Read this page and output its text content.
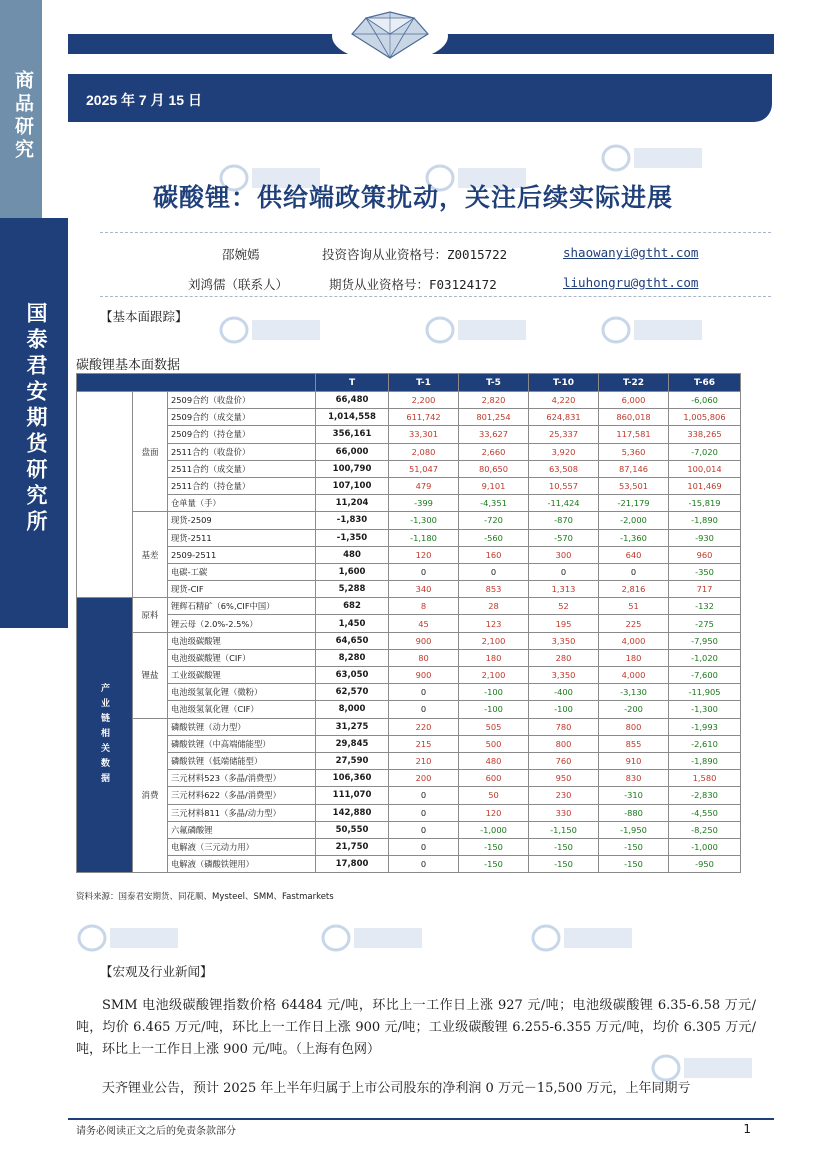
商品研究
国泰君安期货研究所
2025 年 7 月 15 日
碳酸锂：供给端政策扰动，关注后续实际进展
邵婉嫣	投资咨询从业资格号：Z0015722	shaowanyi@gtht.com
刘鸿儒（联系人）	期货从业资格号：F03124172	liuhongru@gtht.com
【基本面跟踪】
碳酸锂基本面数据
			T	T-1	T-5	T-10	T-22	T-66
	盘面	2509合约（收盘价）	66,480	2,200	2,820	4,220	6,000	-6,060
		2509合约（成交量）	1,014,558	611,742	801,254	624,831	860,018	1,005,806
		2509合约（持仓量）	356,161	33,301	33,627	25,337	117,581	338,265
		2511合约（收盘价）	66,000	2,080	2,660	3,920	5,360	-7,020
		2511合约（成交量）	100,790	51,047	80,650	63,508	87,146	100,014
		2511合约（持仓量）	107,100	479	9,101	10,557	53,501	101,469
		仓单量（手）	11,204	-399	-4,351	-11,424	-21,179	-15,819
	基差	现货-2509	-1,830	-1,300	-720	-870	-2,000	-1,890
		现货-2511	-1,350	-1,180	-560	-570	-1,360	-930
		2509-2511	480	120	160	300	640	960
		电碳-工碳	1,600	0	0	0	0	-350
		现货-CIF	5,288	340	853	1,313	2,816	717
产业链相关数据	原料	锂辉石精矿（6%,CIF中国）	682	8	28	52	51	-132
		锂云母（2.0%-2.5%）	1,450	45	123	195	225	-275
	锂盐	电池级碳酸锂	64,650	900	2,100	3,350	4,000	-7,950
		电池级碳酸锂（CIF）	8,280	80	180	280	180	-1,020
		工业级碳酸锂	63,050	900	2,100	3,350	4,000	-7,600
		电池级氢氧化锂（微粉）	62,570	0	-100	-400	-3,130	-11,905
		电池级氢氧化锂（CIF）	8,000	0	-100	-100	-200	-1,300
	消费	磷酸铁锂（动力型）	31,275	220	505	780	800	-1,993
		磷酸铁锂（中高端储能型）	29,845	215	500	800	855	-2,610
		磷酸铁锂（低端储能型）	27,590	210	480	760	910	-1,890
		三元材料523（多晶/消费型）	106,360	200	600	950	830	1,580
		三元材料622（多晶/消费型）	111,070	0	50	230	-310	-2,830
		三元材料811（多晶/动力型）	142,880	0	120	330	-880	-4,550
		六氟磷酸锂	50,550	0	-1,000	-1,150	-1,950	-8,250
		电解液（三元动力用）	21,750	0	-150	-150	-150	-1,000
		电解液（磷酸铁锂用）	17,800	0	-150	-150	-150	-950
资料来源：国泰君安期货、同花顺、Mysteel、SMM、Fastmarkets
【宏观及行业新闻】
SMM 电池级碳酸锂指数价格 64484 元/吨，环比上一工作日上涨 927 元/吨；电池级碳酸锂 6.35-6.58 万元/吨，均价 6.465 万元/吨，环比上一工作日上涨 900 元/吨；工业级碳酸锂 6.255-6.355 万元/吨，均价 6.305 万元/吨，环比上一工作日上涨 900 元/吨。（上海有色网）
天齐锂业公告，预计 2025 年上半年归属于上市公司股东的净利润 0 万元－15,500 万元，上年同期亏
请务必阅读正文之后的免责条款部分	1
